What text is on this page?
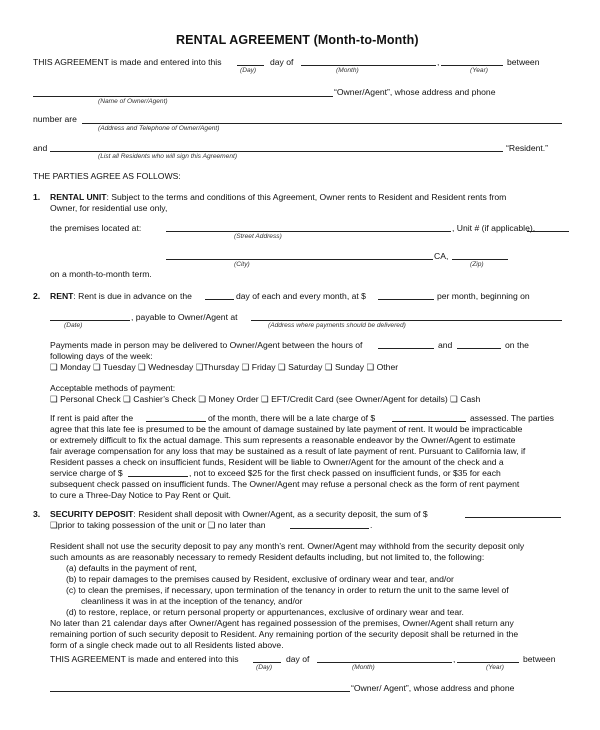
RENTAL AGREEMENT (Month-to-Month)
THIS AGREEMENT is made and entered into this	day of	,	between
(Day)	(Month)	(Year)
“Owner/Agent”, whose address and phone
(Name of Owner/Agent)
number are
(Address and Telephone of Owner/Agent)
and	“Resident.”
(List all Residents who will sign this Agreement)
THE PARTIES AGREE AS FOLLOWS:
1. RENTAL UNIT: Subject to the terms and conditions of this Agreement, Owner rents to Resident and Resident rents from
Owner, for residential use only,
the premises located at:	, Unit # (if applicable),
(Street Address)
CA,
(City)	(Zip)
on a month-to-month term.
2. RENT: Rent is due in advance on the	day of each and every month, at $	per month, beginning on
, payable to Owner/Agent at
(Date)	(Address where payments should be delivered)
Payments made in person may be delivered to Owner/Agent between the hours of	and	on the
following days of the week:
❑ Monday ❑ Tuesday ❑ Wednesday ❑Thursday ❑ Friday ❑ Saturday ❑ Sunday ❑ Other
Acceptable methods of payment:
❑ Personal Check ❑ Cashier’s Check ❑ Money Order ❑ EFT/Credit Card (see Owner/Agent for details) ❑ Cash
If rent is paid after the	of the month, there will be a late charge of $	assessed. The parties
agree that this late fee is presumed to be the amount of damage sustained by late payment of rent. It would be impracticable
or extremely difficult to fix the actual damage. This sum represents a reasonable endeavor by the Owner/Agent to estimate
fair average compensation for any loss that may be sustained as a result of late payment of rent. Pursuant to California law, if
Resident passes a check on insufficient funds, Resident will be liable to Owner/Agent for the amount of the check and a
service charge of $	, not to exceed $25 for the first check passed on insufficient funds, or $35 for each
subsequent check passed on insufficient funds. The Owner/Agent may refuse a personal check as the form of rent payment
to cure a Three-Day Notice to Pay Rent or Quit.
3. SECURITY DEPOSIT: Resident shall deposit with Owner/Agent, as a security deposit, the sum of $
❑prior to taking possession of the unit or ❑ no later than	.
Resident shall not use the security deposit to pay any month’s rent. Owner/Agent may withhold from the security deposit only
such amounts as are reasonably necessary to remedy Resident defaults including, but not limited to, the following:
(a) defaults in the payment of rent,
(b) to repair damages to the premises caused by Resident, exclusive of ordinary wear and tear, and/or
(c) to clean the premises, if necessary, upon termination of the tenancy in order to return the unit to the same level of
cleanliness it was in at the inception of the tenancy, and/or
(d) to restore, replace, or return personal property or appurtenances, exclusive of ordinary wear and tear.
No later than 21 calendar days after Owner/Agent has regained possession of the premises, Owner/Agent shall return any
remaining portion of such security deposit to Resident. Any remaining portion of the security deposit shall be returned in the
form of a single check made out to all Residents listed above.
THIS AGREEMENT is made and entered into this	day of	,	between
(Day)	(Month)	(Year)
“Owner/ Agent”, whose address and phone
